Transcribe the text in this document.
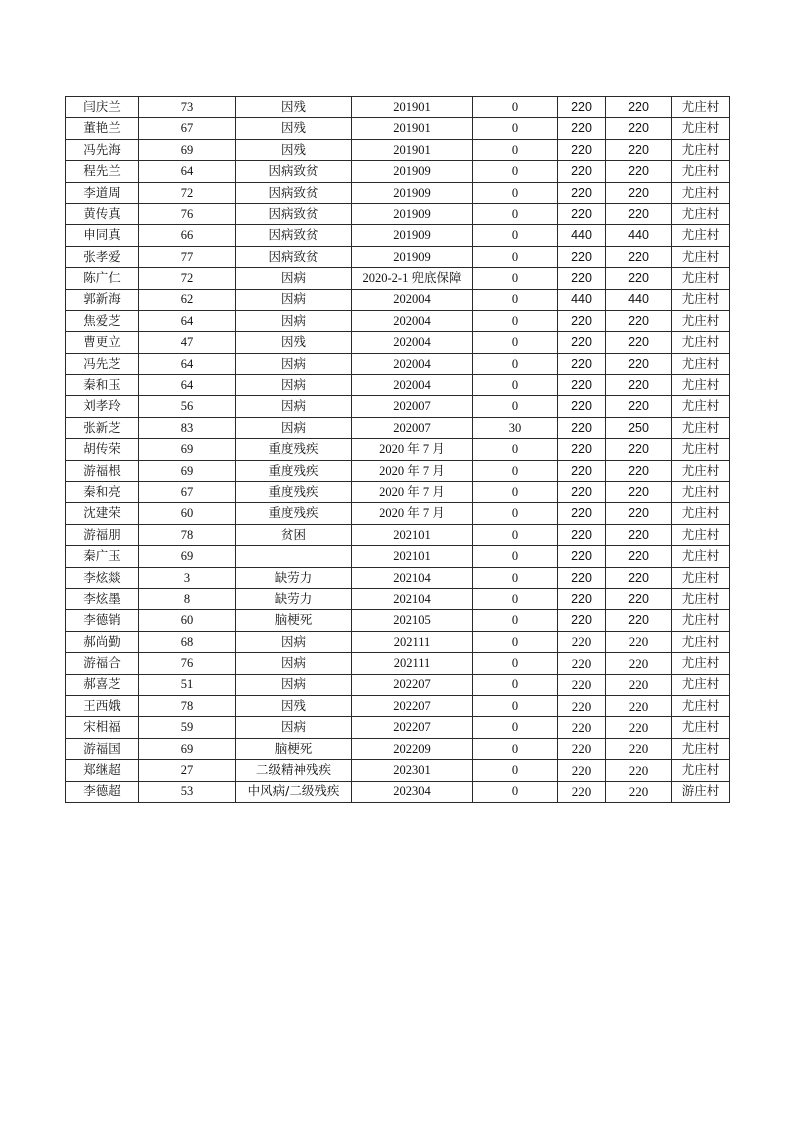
闫庆兰	73	因残	201901	0	220	220	尤庄村
董艳兰	67	因残	201901	0	220	220	尤庄村
冯先海	69	因残	201901	0	220	220	尤庄村
程先兰	64	因病致贫	201909	0	220	220	尤庄村
李道周	72	因病致贫	201909	0	220	220	尤庄村
黄传真	76	因病致贫	201909	0	220	220	尤庄村
申同真	66	因病致贫	201909	0	440	440	尤庄村
张孝爱	77	因病致贫	201909	0	220	220	尤庄村
陈广仁	72	因病	2020-2-1 兜底保障	0	220	220	尤庄村
郭新海	62	因病	202004	0	440	440	尤庄村
焦爱芝	64	因病	202004	0	220	220	尤庄村
曹更立	47	因残	202004	0	220	220	尤庄村
冯先芝	64	因病	202004	0	220	220	尤庄村
秦和玉	64	因病	202004	0	220	220	尤庄村
刘孝玲	56	因病	202007	0	220	220	尤庄村
张新芝	83	因病	202007	30	220	250	尤庄村
胡传荣	69	重度残疾	2020 年 7 月	0	220	220	尤庄村
游福根	69	重度残疾	2020 年 7 月	0	220	220	尤庄村
秦和亮	67	重度残疾	2020 年 7 月	0	220	220	尤庄村
沈建荣	60	重度残疾	2020 年 7 月	0	220	220	尤庄村
游福朋	78	贫困	202101	0	220	220	尤庄村
秦广玉	69		202101	0	220	220	尤庄村
李炫燚	3	缺劳力	202104	0	220	220	尤庄村
李炫墨	8	缺劳力	202104	0	220	220	尤庄村
李德销	60	脑梗死	202105	0	220	220	尤庄村
郝尚勤	68	因病	202111	0	220	220	尤庄村
游福合	76	因病	202111	0	220	220	尤庄村
郝喜芝	51	因病	202207	0	220	220	尤庄村
王西娥	78	因残	202207	0	220	220	尤庄村
宋相福	59	因病	202207	0	220	220	尤庄村
游福国	69	脑梗死	202209	0	220	220	尤庄村
郑继超	27	二级精神残疾	202301	0	220	220	尤庄村
李德超	53	中风病/二级残疾	202304	0	220	220	游庄村
